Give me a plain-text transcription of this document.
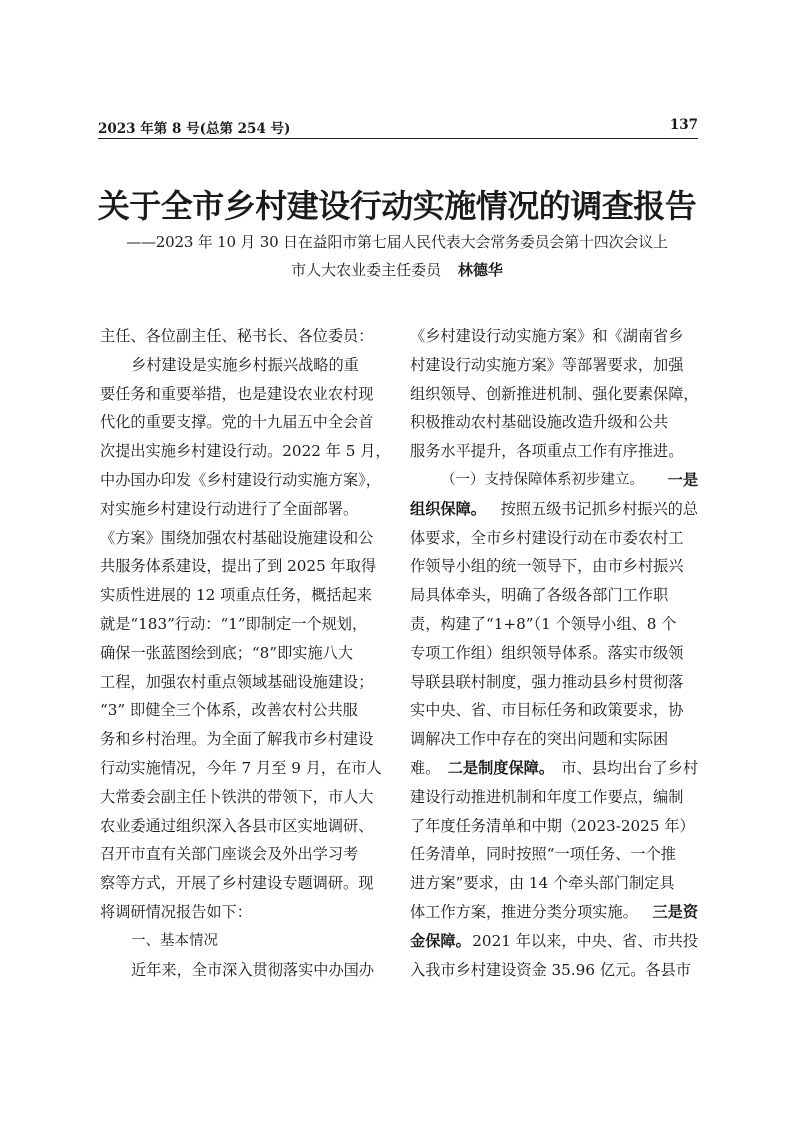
2023 年第 8 号(总第 254 号)	137
关于全市乡村建设行动实施情况的调查报告
——2023 年 10 月 30 日在益阳市第七届人民代表大会常务委员会第十四次会议上
市人大农业委主任委员 林德华
主任、各位副主任、秘书长、各位委员：
乡村建设是实施乡村振兴战略的重
要任务和重要举措，也是建设农业农村现
代化的重要支撑。党的十九届五中全会首
次提出实施乡村建设行动。2022 年 5 月，
中办国办印发《乡村建设行动实施方案》，
对实施乡村建设行动进行了全面部署。
《方案》围绕加强农村基础设施建设和公
共服务体系建设，提出了到 2025 年取得
实质性进展的 12 项重点任务，概括起来
就是“183”行动：“1”即制定一个规划，
确保一张蓝图绘到底；“8”即实施八大
工程，加强农村重点领域基础设施建设；
“3” 即健全三个体系，改善农村公共服
务和乡村治理。为全面了解我市乡村建设
行动实施情况，今年 7 月至 9 月，在市人
大常委会副主任卜铁洪的带领下，市人大
农业委通过组织深入各县市区实地调研、
召开市直有关部门座谈会及外出学习考
察等方式，开展了乡村建设专题调研。现
将调研情况报告如下：
一、基本情况
近年来，全市深入贯彻落实中办国办
《乡村建设行动实施方案》和《湖南省乡
村建设行动实施方案》等部署要求，加强
组织领导、创新推进机制、强化要素保障，
积极推动农村基础设施改造升级和公共
服务水平提升，各项重点工作有序推进。
（一）支持保障体系初步建立。 一是
组织保障。 按照五级书记抓乡村振兴的总
体要求，全市乡村建设行动在市委农村工
作领导小组的统一领导下，由市乡村振兴
局具体牵头，明确了各级各部门工作职
责，构建了“1+8”（1 个领导小组、8 个
专项工作组）组织领导体系。落实市级领
导联县联村制度，强力推动县乡村贯彻落
实中央、省、市目标任务和政策要求，协
调解决工作中存在的突出问题和实际困
难。 二是制度保障。 市、县均出台了乡村
建设行动推进机制和年度工作要点，编制
了年度任务清单和中期（2023-2025 年）
任务清单，同时按照“一项任务、一个推
进方案”要求，由 14 个牵头部门制定具
体工作方案，推进分类分项实施。 三是资
金保障。 2021 年以来，中央、省、市共投
入我市乡村建设资金 35.96 亿元。各县市
